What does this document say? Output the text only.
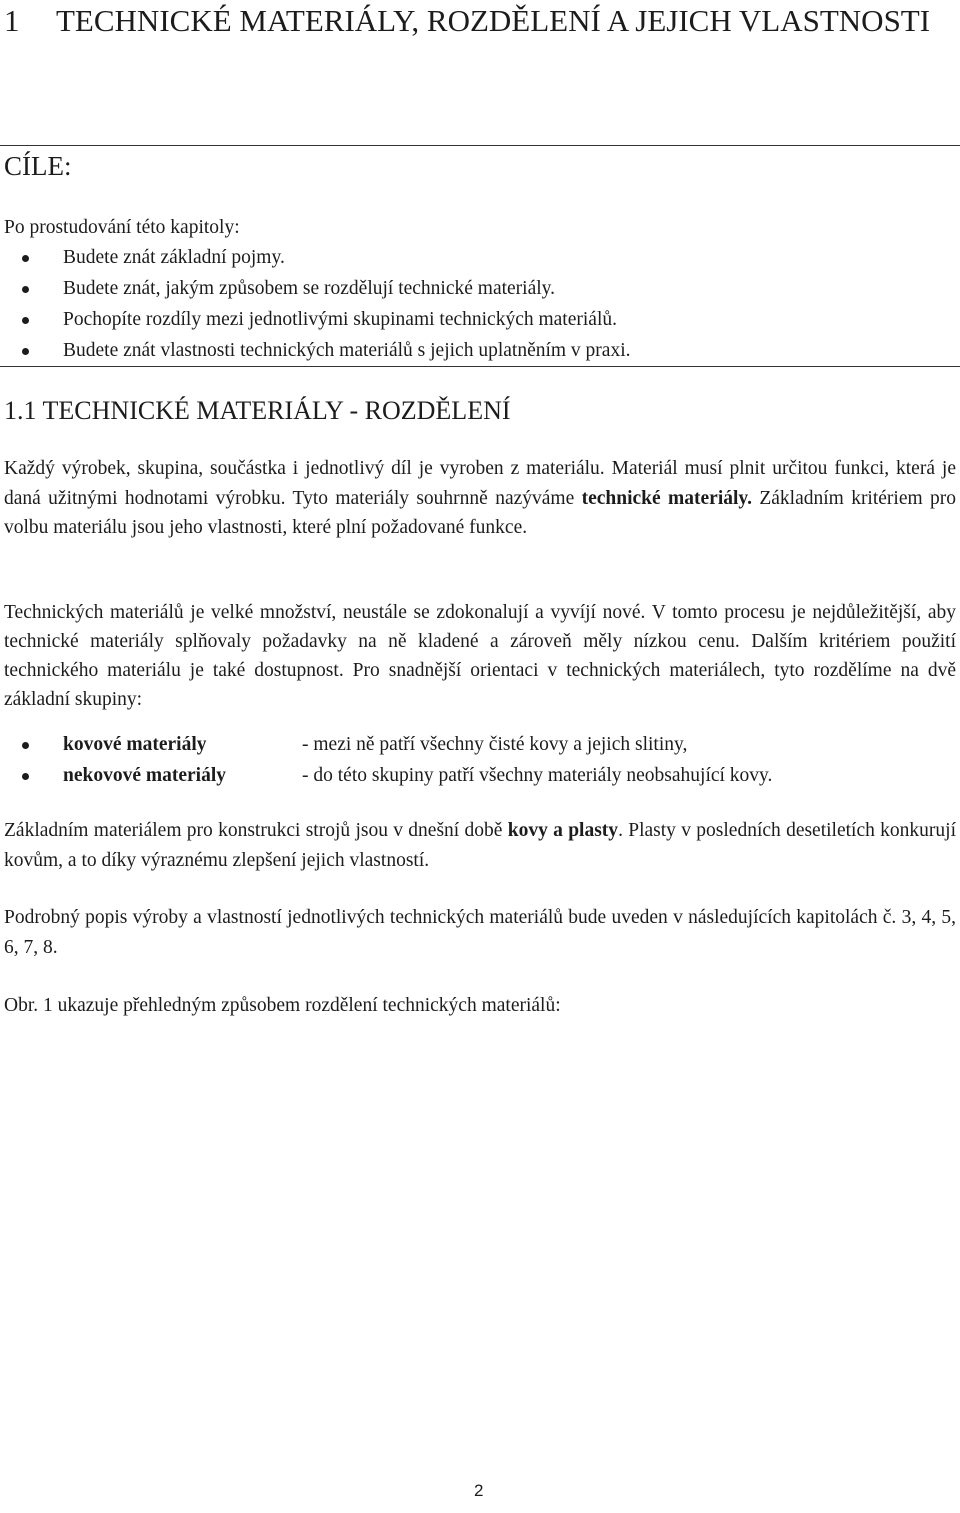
1	TECHNICKÉ MATERIÁLY, ROZDĚLENÍ A JEJICH VLASTNOSTI
CÍLE:

Po prostudování této kapitoly:

Budete znát základní pojmy.
Budete znát, jakým způsobem se rozdělují technické materiály.
Pochopíte rozdíly mezi jednotlivými skupinami technických materiálů.
Budete znát vlastnosti technických materiálů s jejich uplatněním v praxi.
1.1 TECHNICKÉ MATERIÁLY - ROZDĚLENÍ

Každý výrobek, skupina, součástka i jednotlivý díl je vyroben z materiálu. Materiál musí plnit určitou funkci, která je daná užitnými hodnotami výrobku. Tyto materiály souhrnně nazýváme technické materiály. Základním kritériem pro volbu materiálu jsou jeho vlastnosti, které plní požadované funkce.

Technických materiálů je velké množství, neustále se zdokonalují a vyvíjí nové. V tomto procesu je nejdůležitější, aby technické materiály splňovaly požadavky na ně kladené a zároveň měly nízkou cenu. Dalším kritériem použití technického materiálu je také dostupnost. Pro snadnější orientaci v technických materiálech, tyto rozdělíme na dvě základní skupiny:

kovové materiály	- mezi ně patří všechny čisté kovy a jejich slitiny,
nekovové materiály	- do této skupiny patří všechny materiály neobsahující kovy.

Základním materiálem pro konstrukci strojů jsou v dnešní době kovy a plasty. Plasty v posledních desetiletích konkurují kovům, a to díky výraznému zlepšení jejich vlastností.

Podrobný popis výroby a vlastností jednotlivých technických materiálů bude uveden v následujících kapitolách č. 3, 4, 5, 6, 7, 8.

Obr. 1 ukazuje přehledným způsobem rozdělení technických materiálů:

2
